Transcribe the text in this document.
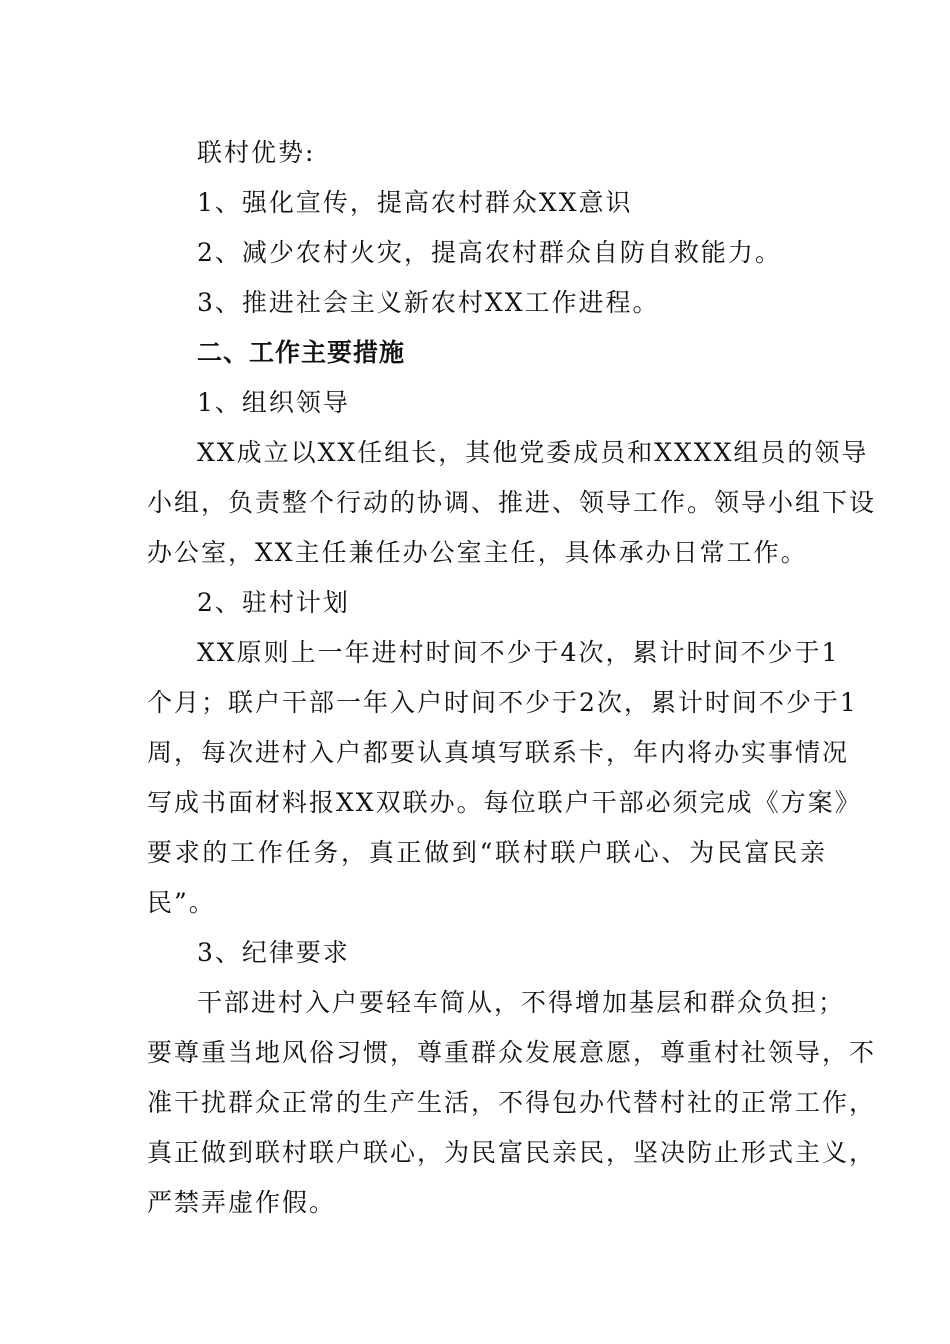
联村优势:
1、强化宣传，提高农村群众XX意识
2、减少农村火灾，提高农村群众自防自救能力。
3、推进社会主义新农村XX工作进程。
二、工作主要措施
1、组织领导
XX成立以XX任组长，其他党委成员和XXXX组员的领导
小组，负责整个行动的协调、推进、领导工作。领导小组下设
办公室，XX主任兼任办公室主任，具体承办日常工作。
2、驻村计划
XX原则上一年进村时间不少于4次，累计时间不少于1
个月；联户干部一年入户时间不少于2次，累计时间不少于1
周，每次进村入户都要认真填写联系卡，年内将办实事情况
写成书面材料报XX双联办。每位联户干部必须完成《方案》
要求的工作任务，真正做到“联村联户联心、为民富民亲
民”。
3、纪律要求
干部进村入户要轻车简从，不得增加基层和群众负担；
要尊重当地风俗习惯，尊重群众发展意愿，尊重村社领导，不
准干扰群众正常的生产生活，不得包办代替村社的正常工作，
真正做到联村联户联心，为民富民亲民，坚决防止形式主义，
严禁弄虚作假。
